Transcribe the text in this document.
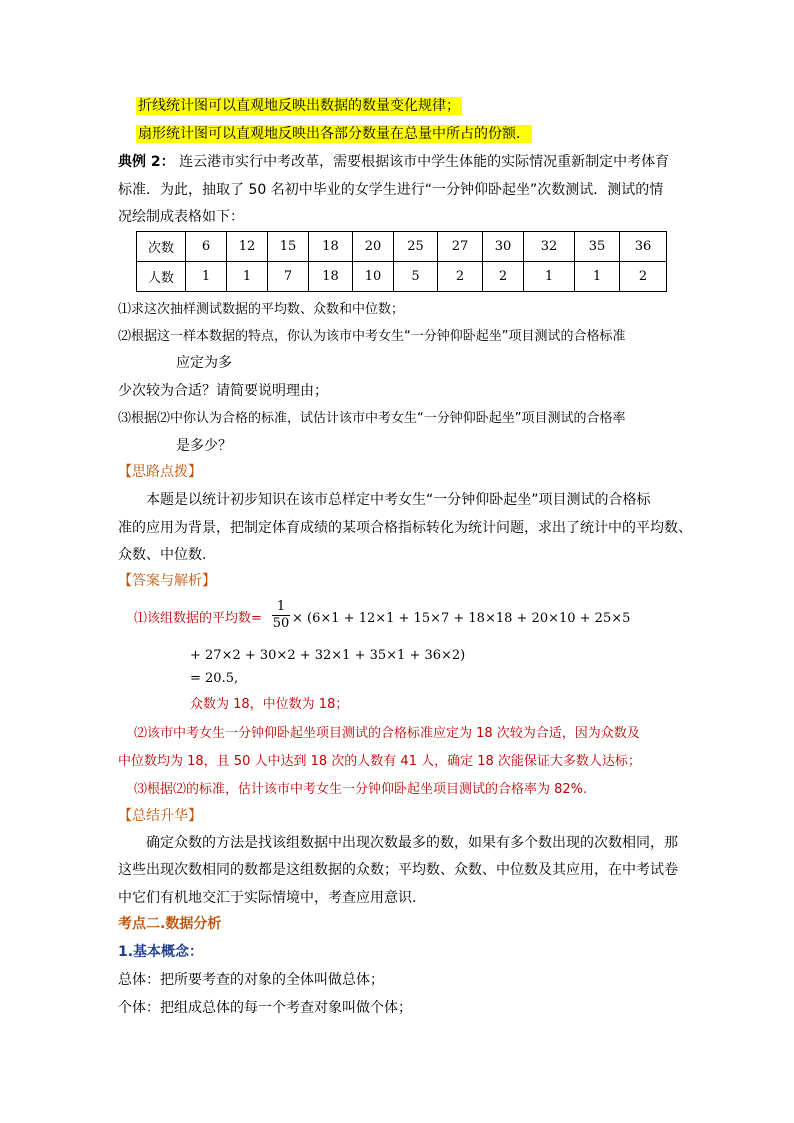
折线统计图可以直观地反映出数据的数量变化规律；
扇形统计图可以直观地反映出各部分数量在总量中所占的份额．
典例 2： 连云港市实行中考改革，需要根据该市中学生体能的实际情况重新制定中考体育
标准．为此，抽取了 50 名初中毕业的女学生进行“一分钟仰卧起坐”次数测试．测试的情
况绘制成表格如下：
次数	6	12	15	18	20	25	27	30	32	35	36
人数	1	1	7	18	10	5	2	2	1	1	2
⑴求这次抽样测试数据的平均数、众数和中位数；
⑵根据这一样本数据的特点，你认为该市中考女生“一分钟仰卧起坐”项目测试的合格标准
应定为多
少次较为合适？请简要说明理由；
⑶根据⑵中你认为合格的标准，试估计该市中考女生“一分钟仰卧起坐”项目测试的合格率
是多少？
【思路点拨】
本题是以统计初步知识在该市总样定中考女生“一分钟仰卧起坐”项目测试的合格标
准的应用为背景，把制定体育成绩的某项合格指标转化为统计问题，求出了统计中的平均数、
众数、中位数.
【答案与解析】
⑴该组数据的平均数=
1
50 × (6×1 + 12×1 + 15×7 + 18×18 + 20×10 + 25×5
+ 27×2 + 30×2 + 32×1 + 35×1 + 36×2)
= 20.5,
众数为 18，中位数为 18；
⑵该市中考女生一分钟仰卧起坐项目测试的合格标准应定为 18 次较为合适，因为众数及
中位数均为 18，且 50 人中达到 18 次的人数有 41 人，确定 18 次能保证大多数人达标；
⑶根据⑵的标准，估计该市中考女生一分钟仰卧起坐项目测试的合格率为 82%.
【总结升华】
确定众数的方法是找该组数据中出现次数最多的数，如果有多个数出现的次数相同，那
这些出现次数相同的数都是这组数据的众数；平均数、众数、中位数及其应用，在中考试卷
中它们有机地交汇于实际情境中，考查应用意识．
考点二.数据分析
1.基本概念：
总体：把所要考查的对象的全体叫做总体；
个体：把组成总体的每一个考查对象叫做个体；
